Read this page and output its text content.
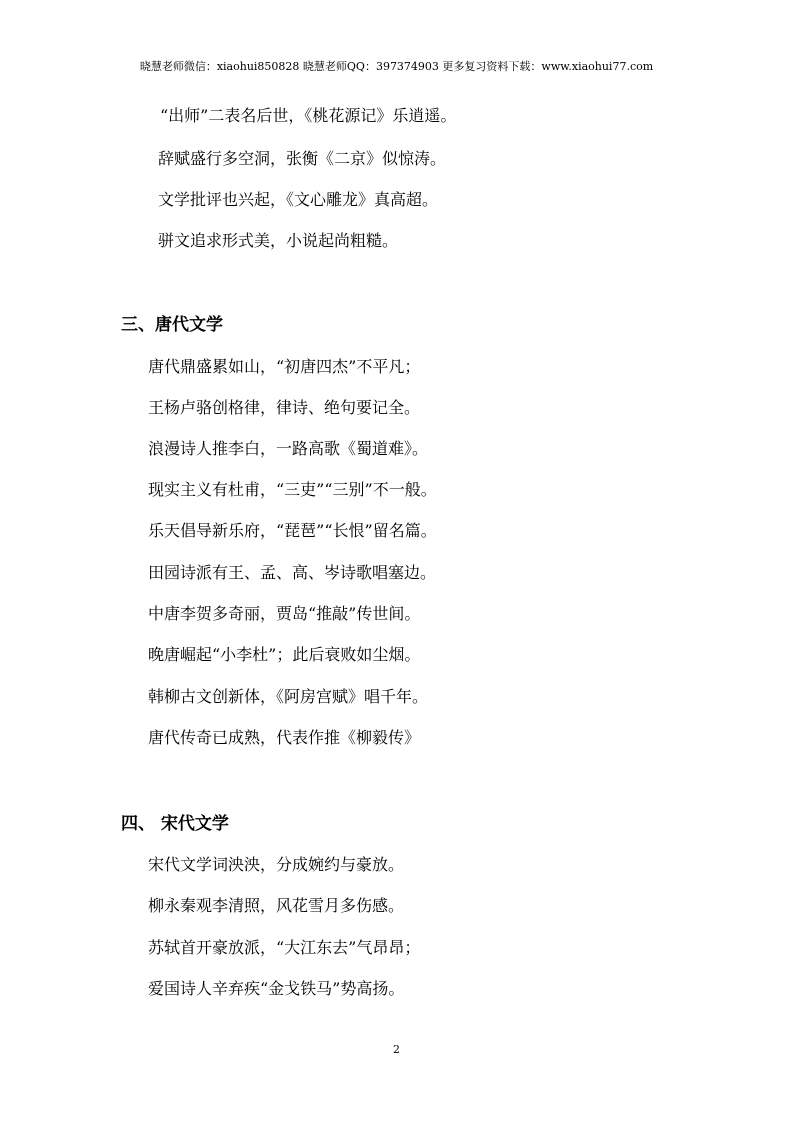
晓慧老师微信：xiaohui850828 晓慧老师QQ：397374903 更多复习资料下载：www.xiaohui77.com
“出师”二表名后世，《桃花源记》乐逍遥。
辞赋盛行多空洞，张衡《二京》似惊涛。
文学批评也兴起，《文心雕龙》真高超。
骈文追求形式美，小说起尚粗糙。
三、唐代文学
唐代鼎盛累如山，“初唐四杰”不平凡；
王杨卢骆创格律，律诗、绝句要记全。
浪漫诗人推李白，一路高歌《蜀道难》。
现实主义有杜甫，“三吏”“三别”不一般。
乐天倡导新乐府，“琵琶”“长恨”留名篇。
田园诗派有王、孟、高、岑诗歌唱塞边。
中唐李贺多奇丽，贾岛“推敲”传世间。
晚唐崛起“小李杜”；此后衰败如尘烟。
韩柳古文创新体，《阿房宫赋》唱千年。
唐代传奇已成熟，代表作推《柳毅传》
四、 宋代文学
宋代文学词泱泱，分成婉约与豪放。
柳永秦观李清照，风花雪月多伤感。
苏轼首开豪放派，“大江东去”气昂昂；
爱国诗人辛弃疾“金戈铁马”势高扬。
2
